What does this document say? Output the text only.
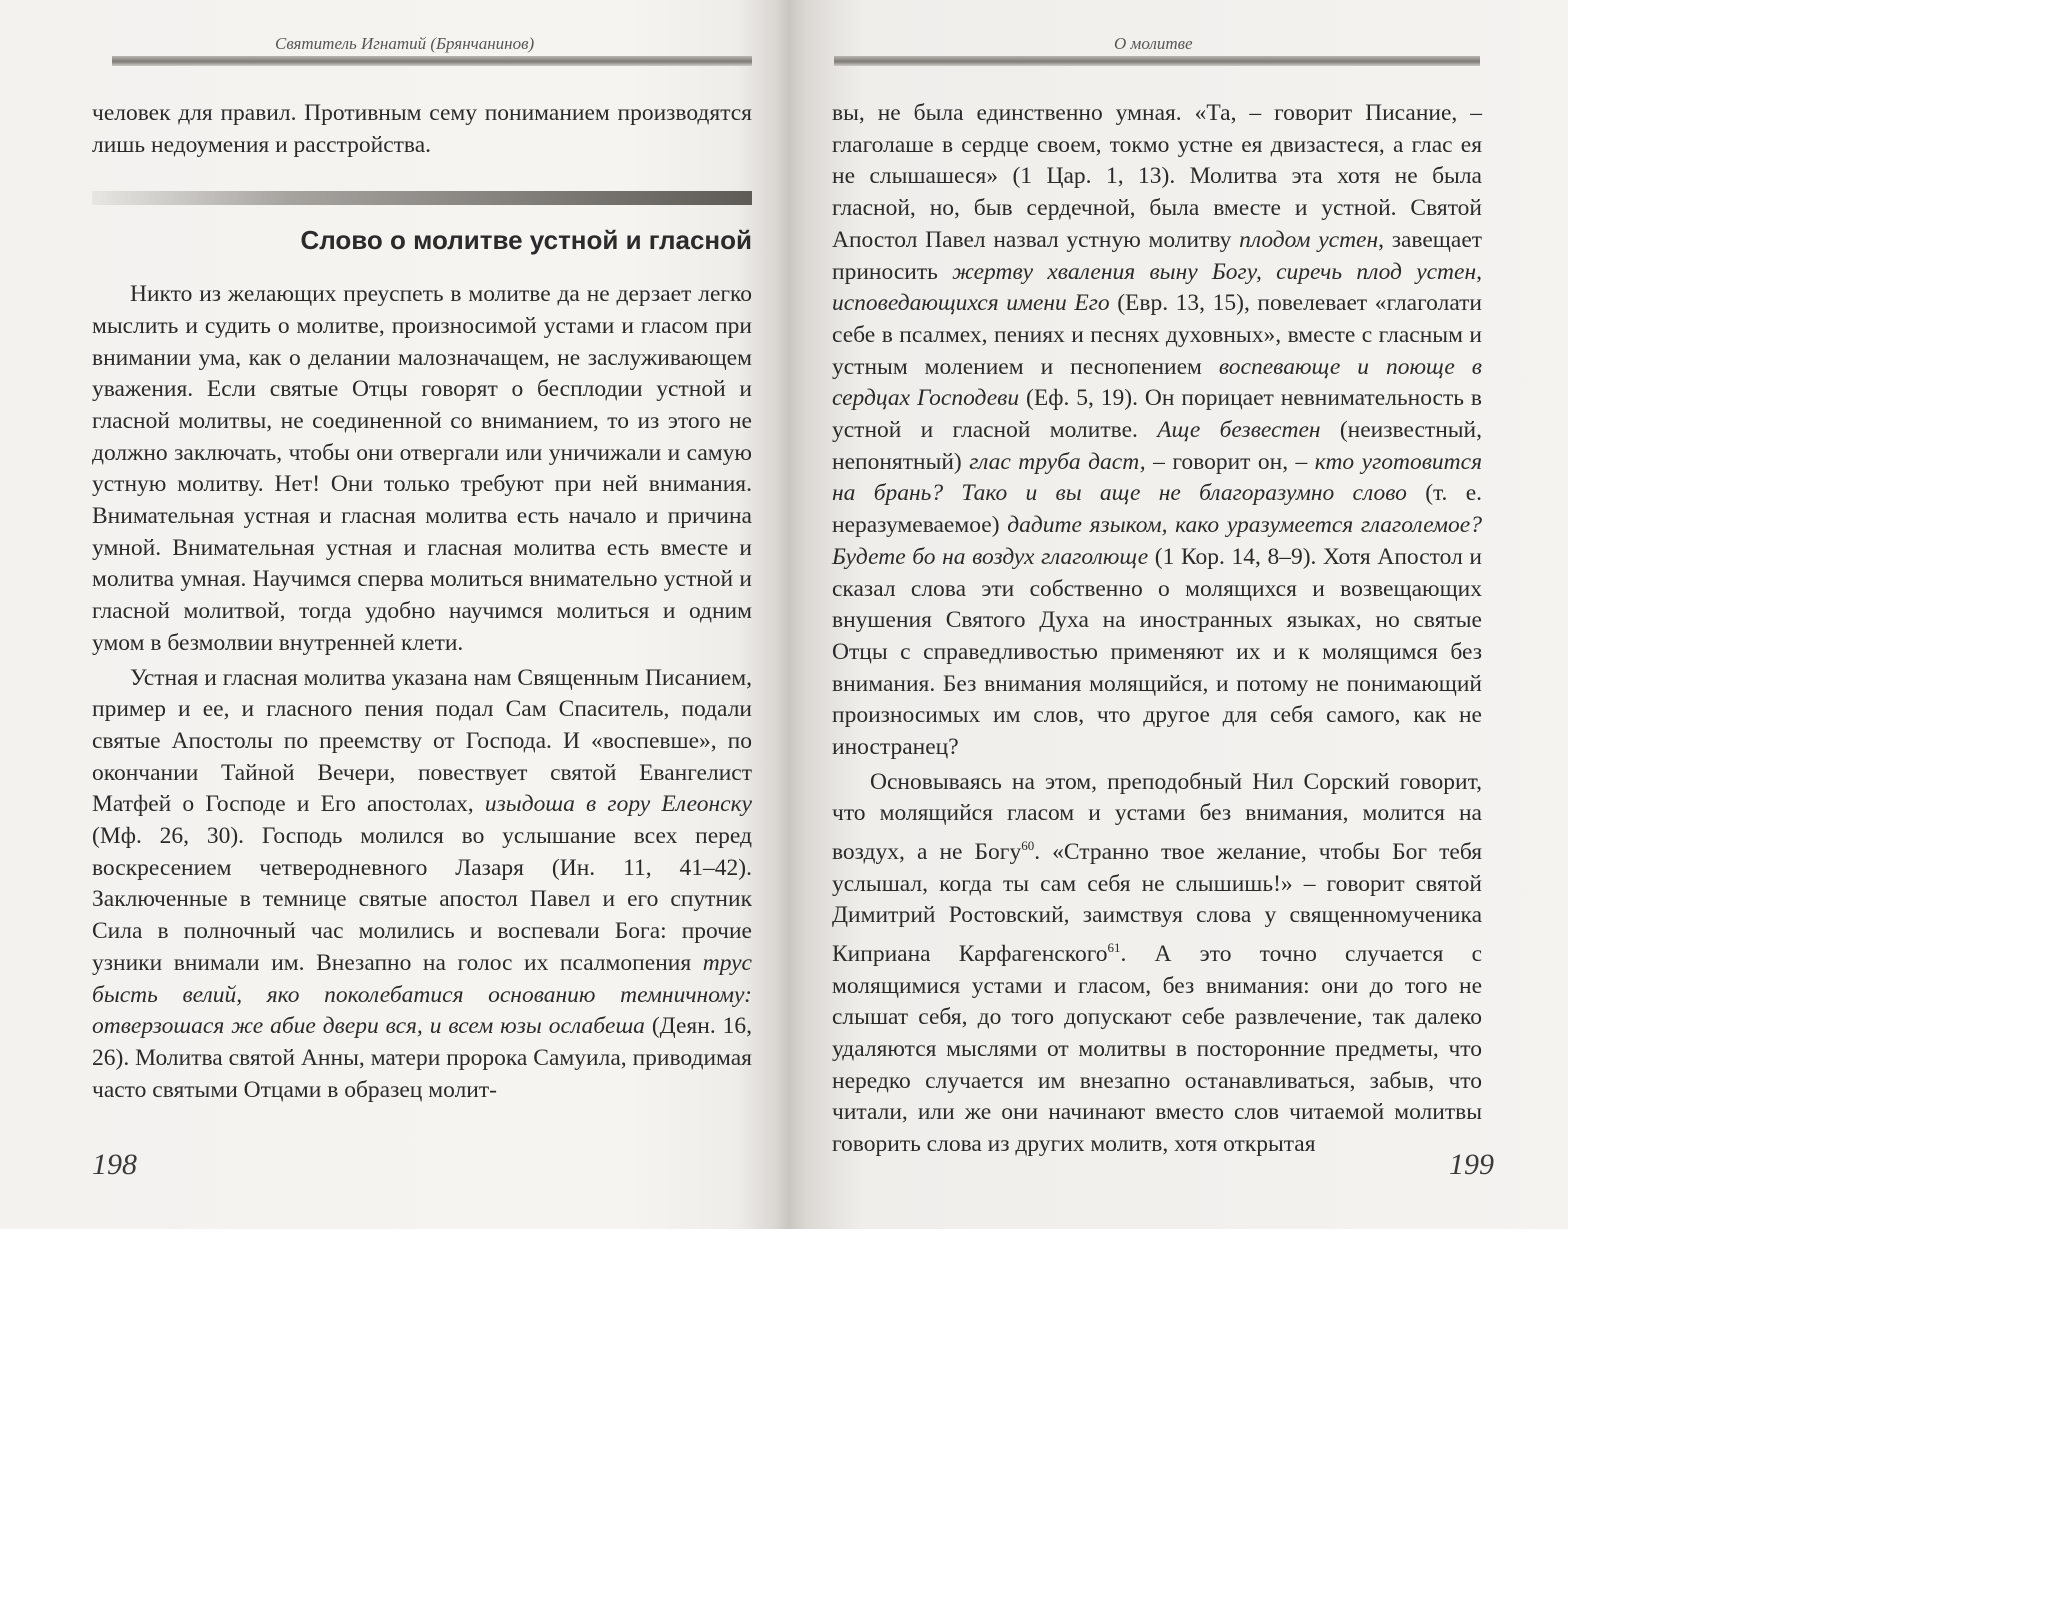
Святитель Игнатий (Брянчанинов)

человек для правил. Противным сему пониманием производятся лишь недоумения и расстройства.

Слово о молитве устной и гласной

Никто из желающих преуспеть в молитве да не дерзает легко мыслить и судить о молитве, произносимой устами и гласом при внимании ума, как о делании малозначащем, не заслуживающем уважения. Если святые Отцы говорят о бесплодии устной и гласной молитвы, не соединенной со вниманием, то из этого не должно заключать, чтобы они отвергали или уничижали и самую устную молитву. Нет! Они только требуют при ней внимания. Внимательная устная и гласная молитва есть начало и причина умной. Внимательная устная и гласная молитва есть вместе и молитва умная. Научимся сперва молиться внимательно устной и гласной молитвой, тогда удобно научимся молиться и одним умом в безмолвии внутренней клети.

Устная и гласная молитва указана нам Священным Писанием, пример и ее, и гласного пения подал Сам Спаситель, подали святые Апостолы по преемству от Господа. И «воспевше», по окончании Тайной Вечери, повествует святой Евангелист Матфей о Господе и Его апостолах, изыдоша в гору Елеонску (Мф. 26, 30). Господь молился во услышание всех перед воскресением четверодневного Лазаря (Ин. 11, 41–42). Заключенные в темнице святые апостол Павел и его спутник Сила в полночный час молились и воспевали Бога: прочие узники внимали им. Внезапно на голос их псалмопения трус бысть велий, яко поколебатися основанию темничному: отверзошася же абие двери вся, и всем юзы ослабеша (Деян. 16, 26). Молитва святой Анны, матери пророка Самуила, приводимая часто святыми Отцами в образец молит-

198
О молитве

вы, не была единственно умная. «Та, – говорит Писание, – глаголаше в сердце своем, токмо устне ея двизастеся, а глас ея не слышашеся» (1 Цар. 1, 13). Молитва эта хотя не была гласной, но, быв сердечной, была вместе и устной. Святой Апостол Павел назвал устную молитву плодом устен, завещает приносить жертву хваления выну Богу, сиречь плод устен, исповедающихся имени Его (Евр. 13, 15), повелевает «глаголати себе в псалмех, пениях и песнях духовных», вместе с гласным и устным молением и песнопением воспевающе и поюще в сердцах Господеви (Еф. 5, 19). Он порицает невнимательность в устной и гласной молитве. Аще безвестен (неизвестный, непонятный) глас труба даст, – говорит он, – кто уготовится на брань? Тако и вы аще не благоразумно слово (т. е. неразумеваемое) дадите языком, како уразумеется глаголемое? Будете бо на воздух глаголюще (1 Кор. 14, 8–9). Хотя Апостол и сказал слова эти собственно о молящихся и возвещающих внушения Святого Духа на иностранных языках, но святые Отцы с справедливостью применяют их и к молящимся без внимания. Без внимания молящийся, и потому не понимающий произносимых им слов, что другое для себя самого, как не иностранец?

Основываясь на этом, преподобный Нил Сорский говорит, что молящийся гласом и устами без внимания, молится на воздух, а не Богу$^{60}$. «Странно твое желание, чтобы Бог тебя услышал, когда ты сам себя не слышишь!» – говорит святой Димитрий Ростовский, заимствуя слова у священномученика Киприана Карфагенского$^{61}$. А это точно случается с молящимися устами и гласом, без внимания: они до того не слышат себя, до того допускают себе развлечение, так далеко удаляются мыслями от молитвы в посторонние предметы, что нередко случается им внезапно останавливаться, забыв, что читали, или же они начинают вместо слов читаемой молитвы говорить слова из других молитв, хотя открытая

199
